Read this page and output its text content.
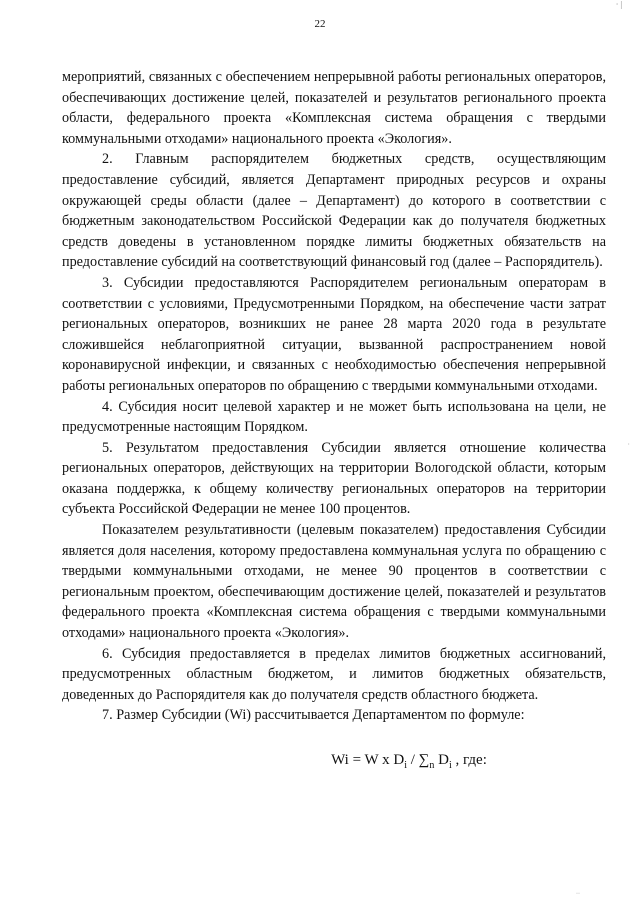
· |
22

мероприятий, связанных с обеспечением непрерывной работы региональных операторов, обеспечивающих достижение целей, показателей и результатов регионального проекта области, федерального проекта «Комплексная система обращения с твердыми коммунальными отходами» национального проекта «Экология».

2. Главным распорядителем бюджетных средств, осуществляющим предоставление субсидий, является Департамент природных ресурсов и охраны окружающей среды области (далее – Департамент) до которого в соответствии с бюджетным законодательством Российской Федерации как до получателя бюджетных средств доведены в установленном порядке лимиты бюджетных обязательств на предоставление субсидий на соответствующий финансовый год (далее – Распорядитель).

3. Субсидии предоставляются Распорядителем региональным операторам в соответствии с условиями, Предусмотренными Порядком, на обеспечение части затрат региональных операторов, возникших не ранее 28 марта 2020 года в результате сложившейся неблагоприятной ситуации, вызванной распространением новой коронавирусной инфекции, и связанных с необходимостью обеспечения непрерывной работы региональных операторов по обращению с твердыми коммунальными отходами.

4. Субсидия носит целевой характер и не может быть использована на цели, не предусмотренные настоящим Порядком.

5. Результатом предоставления Субсидии является отношение количества региональных операторов, действующих на территории Вологодской области, которым оказана поддержка, к общему количеству региональных операторов на территории субъекта Российской Федерации не менее 100 процентов.

Показателем результативности (целевым показателем) предоставления Субсидии является доля населения, которому предоставлена коммунальная услуга по обращению с твердыми коммунальными отходами, не менее 90 процентов в соответствии с региональным проектом, обеспечивающим достижение целей, показателей и результатов федерального проекта «Комплексная система обращения с твердыми коммунальными отходами» национального проекта «Экология».

6. Субсидия предоставляется в пределах лимитов бюджетных ассигнований, предусмотренных областным бюджетом, и лимитов бюджетных обязательств, доведенных до Распорядителя как до получателя средств областного бюджета.

7. Размер Субсидии (Wi) рассчитывается Департаментом по формуле:

Wi = W x $D_i / \sum_n$ $D_i$ , где:
·
··
